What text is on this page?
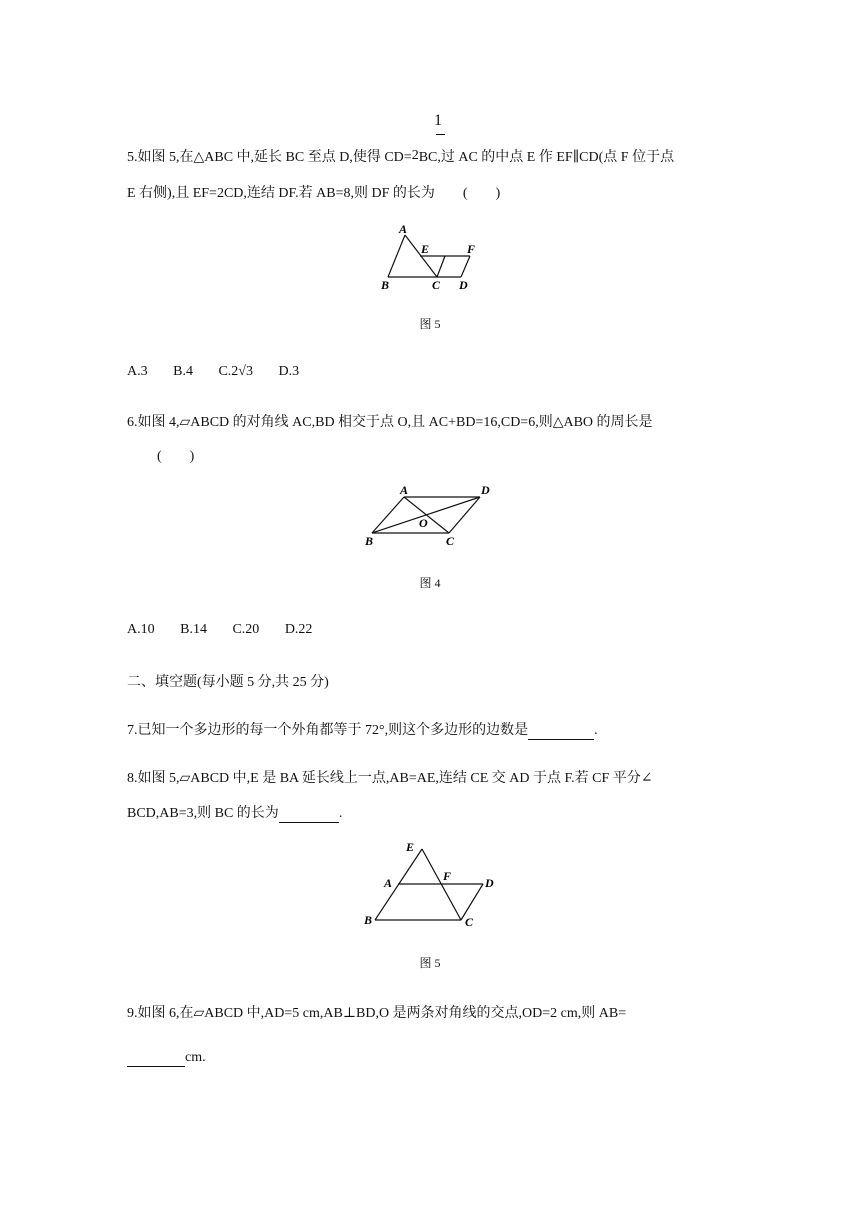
1
5.如图 5,在△ABC 中,延长 BC 至点 D,使得 CD=2BC,过 AC 的中点 E 作 EF∥CD(点 F 位于点
E 右侧),且 EF=2CD,连结 DF.若 AB=8,则 DF 的长为　　(　　)
A
B	C D
E	F
图 5
A.3 B.4 C.2√3 D.3
6.如图 4,▱ABCD 的对角线 AC,BD 相交于点 O,且 AC+BD=16,CD=6,则△ABO 的周长是
(　　)
A	D
B	C
O
图 4
A.10 B.14 C.20 D.22
二、填空题(每小题 5 分,共 25 分)
7.已知一个多边形的每一个外角都等于 72°,则这个多边形的边数是	.
8.如图 5,▱ABCD 中,E 是 BA 延长线上一点,AB=AE,连结 CE 交 AD 于点 F.若 CF 平分∠
BCD,AB=3,则 BC 的长为	.
E
A	F	D
B	C
图 5
9.如图 6,在▱ABCD 中,AD=5 cm,AB⊥BD,O 是两条对角线的交点,OD=2 cm,则 AB=
cm.
